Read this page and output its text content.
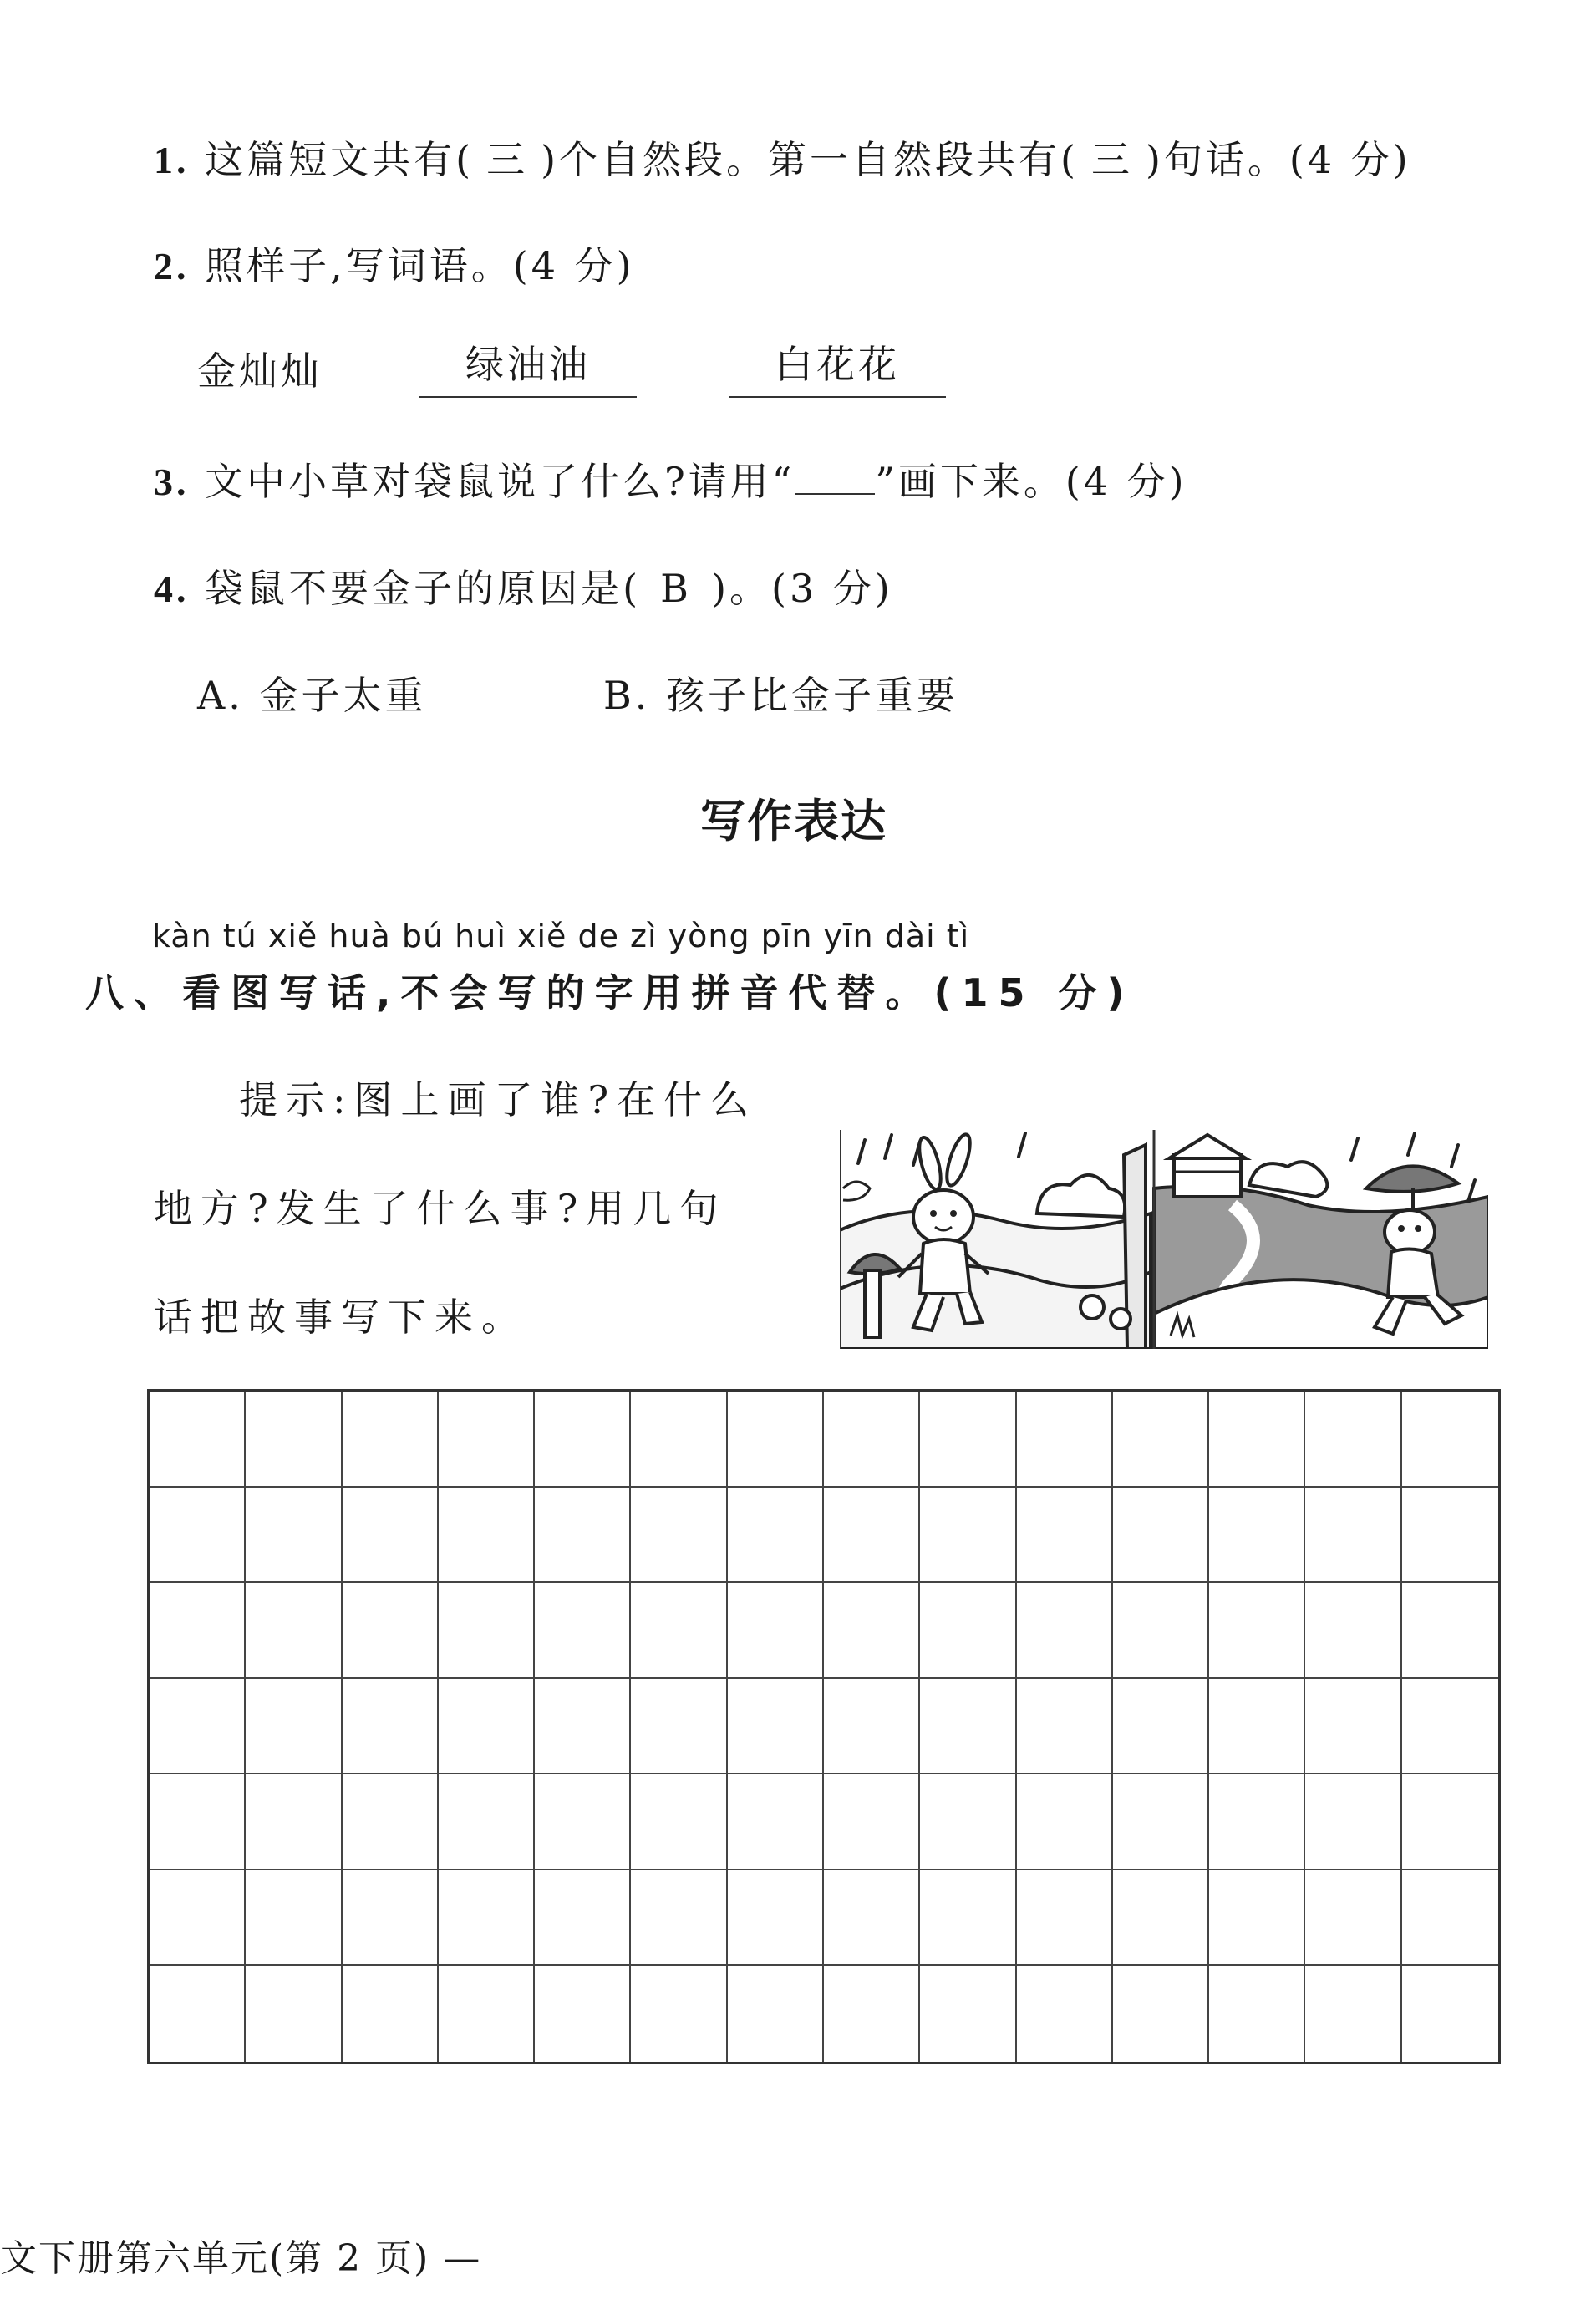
1. 这篇短文共有( 三 )个自然段。第一自然段共有( 三 )句话。(4 分)
2. 照样子,写词语。(4 分)
金灿灿	绿油油	白花花
3. 文中小草对袋鼠说了什么?请用“ ”画下来。(4 分)
4. 袋鼠不要金子的原因是( B )。(3 分)
A. 金子太重	B. 孩子比金子重要
写作表达
kàn tú xiě huà bú huì xiě de zì yòng pīn yīn dài tì
八、看图写话,不会写的字用拼音代替。(15 分)
提示:图上画了谁?在什么
地方?发生了什么事?用几句
话把故事写下来。
文下册第六单元(第 2 页) —
